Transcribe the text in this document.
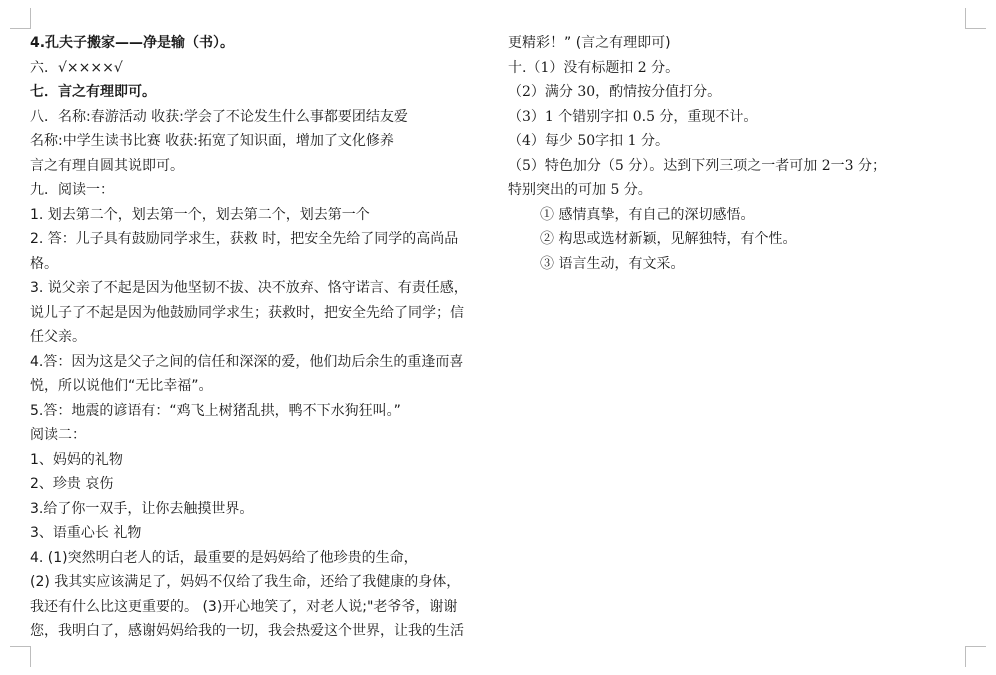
4.孔夫子搬家——净是输（书）。
六．√××××√
七．言之有理即可。
八．名称:春游活动 收获:学会了不论发生什么事都要团结友爱
名称:中学生读书比赛 收获:拓宽了知识面，增加了文化修养
言之有理自圆其说即可。
九．阅读一：
1. 划去第二个，划去第一个，划去第二个，划去第一个
2. 答：儿子具有鼓励同学求生，获救 时，把安全先给了同学的高尚品
格。
3. 说父亲了不起是因为他坚韧不拔、决不放弃、恪守诺言、有责任感，
说儿子了不起是因为他鼓励同学求生；获救时，把安全先给了同学；信
任父亲。
4.答：因为这是父子之间的信任和深深的爱，他们劫后余生的重逢而喜
悦，所以说他们“无比幸福”。
5.答：地震的谚语有：“鸡飞上树猪乱拱，鸭不下水狗狂叫。”
阅读二：
1、妈妈的礼物
2、珍贵 哀伤
3.给了你一双手，让你去触摸世界。
3、语重心长 礼物
4. (1)突然明白老人的话，最重要的是妈妈给了他珍贵的生命，
(2) 我其实应该满足了，妈妈不仅给了我生命，还给了我健康的身体，
我还有什么比这更重要的。 (3)开心地笑了，对老人说;"老爷爷，谢谢
您，我明白了，感谢妈妈给我的一切，我会热爱这个世界，让我的生活
更精彩！” (言之有理即可)
十.（1）没有标题扣 2 分。
（2）满分 30，酌情按分值打分。
（3）1 个错别字扣 0.5 分，重现不计。
（4）每少 50字扣 1 分。
（5）特色加分（5 分）。达到下列三项之一者可加 2一3 分；
特别突出的可加 5 分。
① 感情真挚，有自己的深切感悟。
② 构思或选材新颖，见解独特，有个性。
③ 语言生动，有文采。
